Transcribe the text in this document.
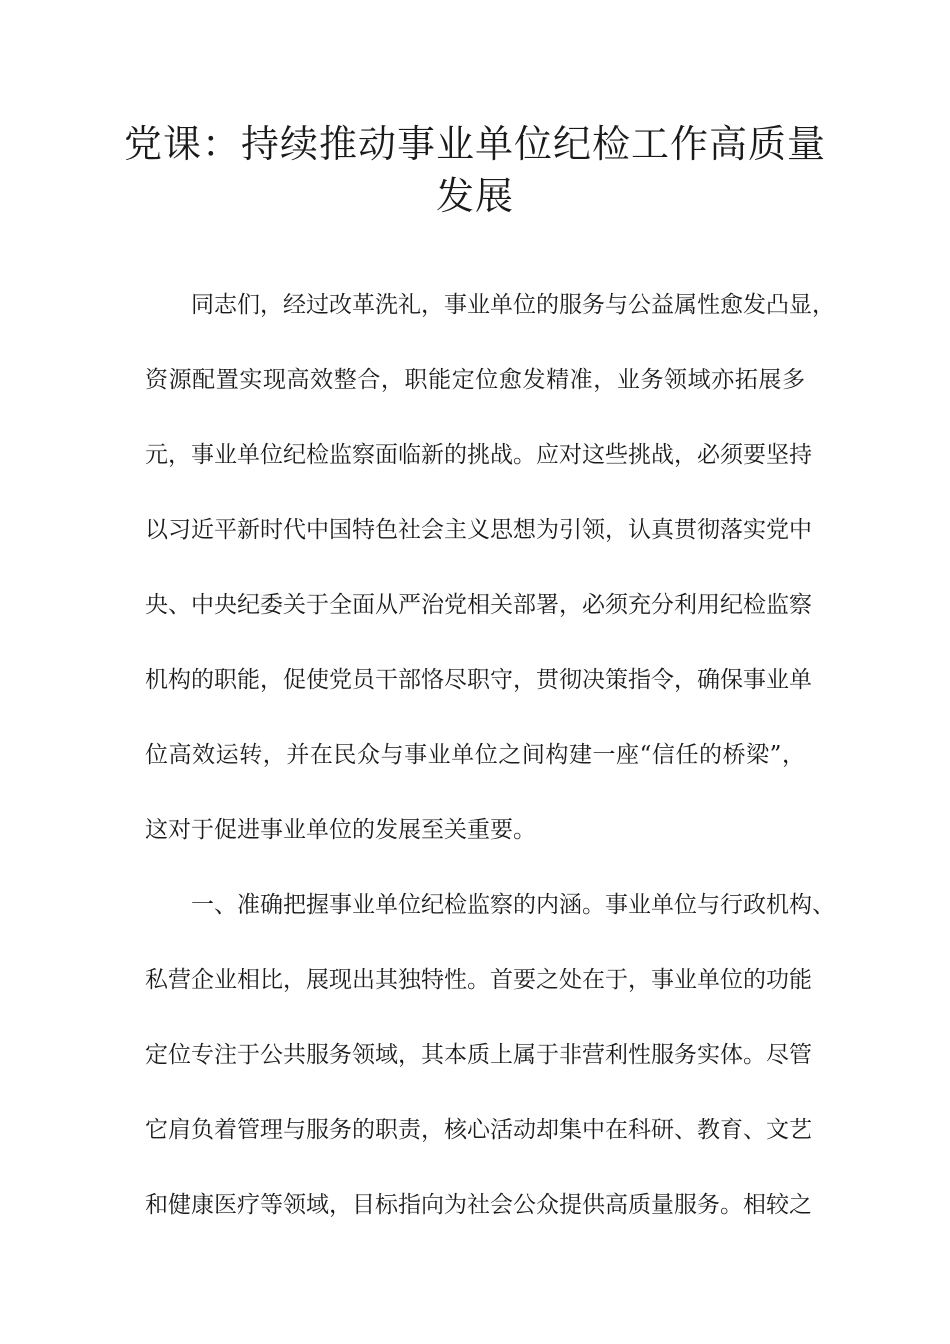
党课：持续推动事业单位纪检工作高质量
发展
同志们，经过改革洗礼，事业单位的服务与公益属性愈发凸显，
资源配置实现高效整合，职能定位愈发精准，业务领域亦拓展多
元，事业单位纪检监察面临新的挑战。应对这些挑战，必须要坚持
以习近平新时代中国特色社会主义思想为引领，认真贯彻落实党中
央、中央纪委关于全面从严治党相关部署，必须充分利用纪检监察
机构的职能，促使党员干部恪尽职守，贯彻决策指令，确保事业单
位高效运转，并在民众与事业单位之间构建一座“信任的桥梁”，
这对于促进事业单位的发展至关重要。
一、准确把握事业单位纪检监察的内涵。事业单位与行政机构、
私营企业相比，展现出其独特性。首要之处在于，事业单位的功能
定位专注于公共服务领域，其本质上属于非营利性服务实体。尽管
它肩负着管理与服务的职责，核心活动却集中在科研、教育、文艺
和健康医疗等领域，目标指向为社会公众提供高质量服务。相较之
